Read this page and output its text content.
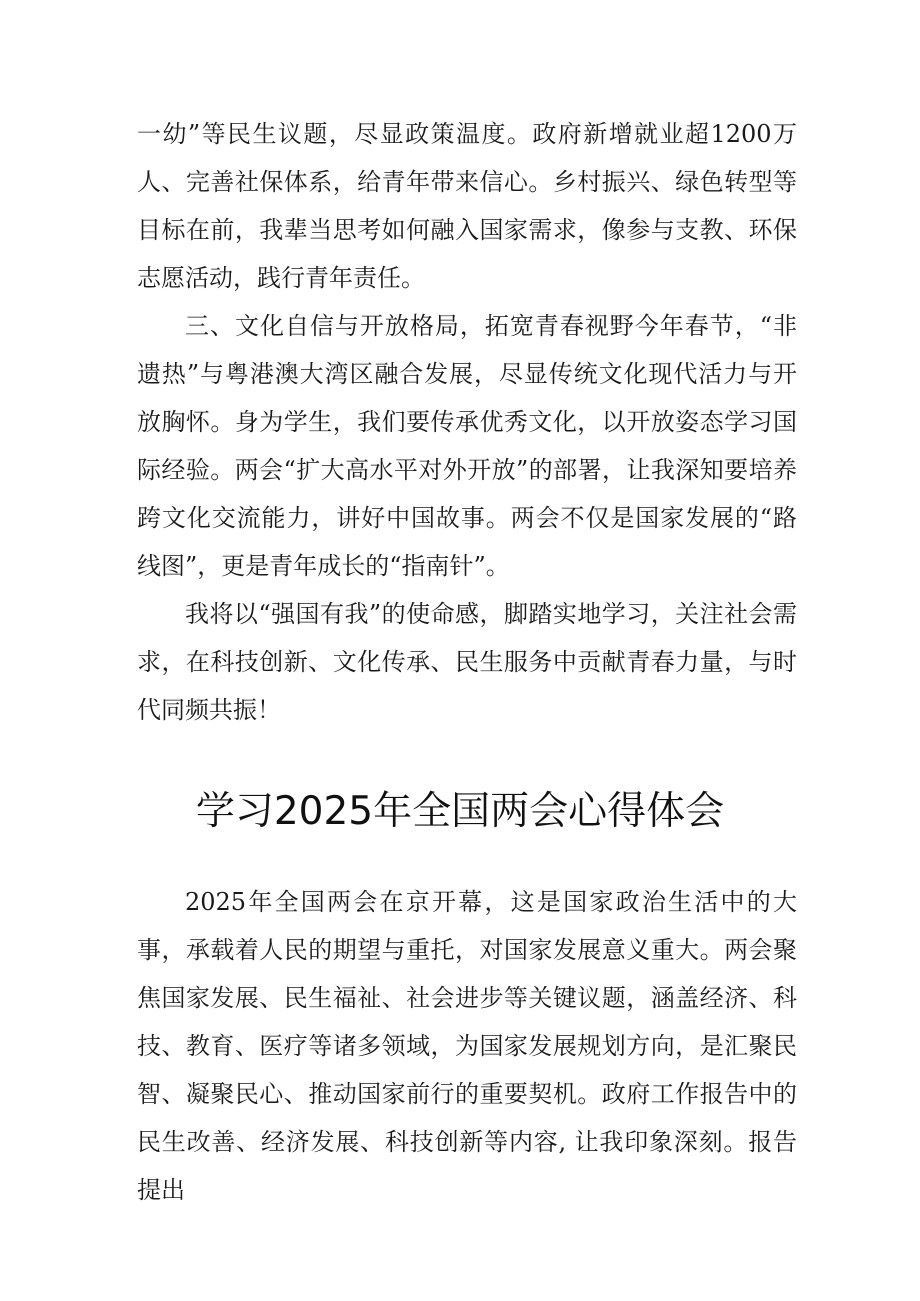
一幼”等民生议题，尽显政策温度。政府新增就业超1200万人、完善社保体系，给青年带来信心。乡村振兴、绿色转型等目标在前，我辈当思考如何融入国家需求，像参与支教、环保志愿活动，践行青年责任。

三、文化自信与开放格局，拓宽青春视野今年春节，“非遗热”与粤港澳大湾区融合发展，尽显传统文化现代活力与开放胸怀。身为学生，我们要传承优秀文化，以开放姿态学习国际经验。两会“扩大高水平对外开放”的部署，让我深知要培养跨文化交流能力，讲好中国故事。两会不仅是国家发展的“路线图”，更是青年成长的“指南针”。

我将以“强国有我”的使命感，脚踏实地学习，关注社会需求，在科技创新、文化传承、民生服务中贡献青春力量，与时代同频共振！

学习2025年全国两会心得体会

2025年全国两会在京开幕，这是国家政治生活中的大事，承载着人民的期望与重托，对国家发展意义重大。两会聚焦国家发展、民生福祉、社会进步等关键议题，涵盖经济、科技、教育、医疗等诸多领域，为国家发展规划方向，是汇聚民智、凝聚民心、推动国家前行的重要契机。政府工作报告中的民生改善、经济发展、科技创新等内容, 让我印象深刻。报告提出
